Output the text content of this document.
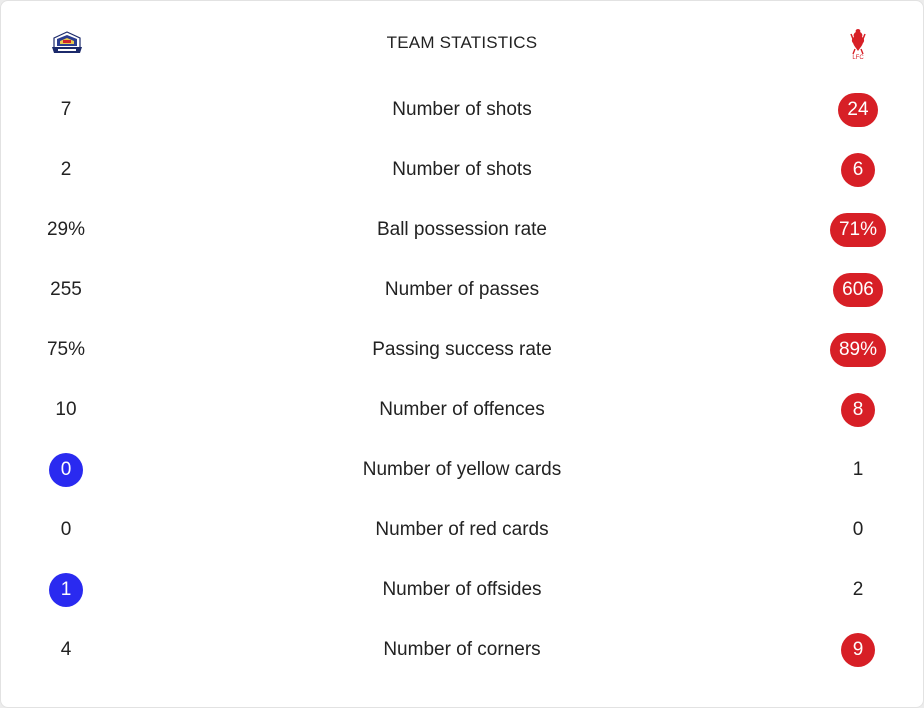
TEAM STATISTICS
LFC
7	Number of shots	24
2	Number of shots	6
29%	Ball possession rate	71%
255	Number of passes	606
75%	Passing success rate	89%
10	Number of offences	8
0	Number of yellow cards	1
0	Number of red cards	0
1	Number of offsides	2
4	Number of corners	9
